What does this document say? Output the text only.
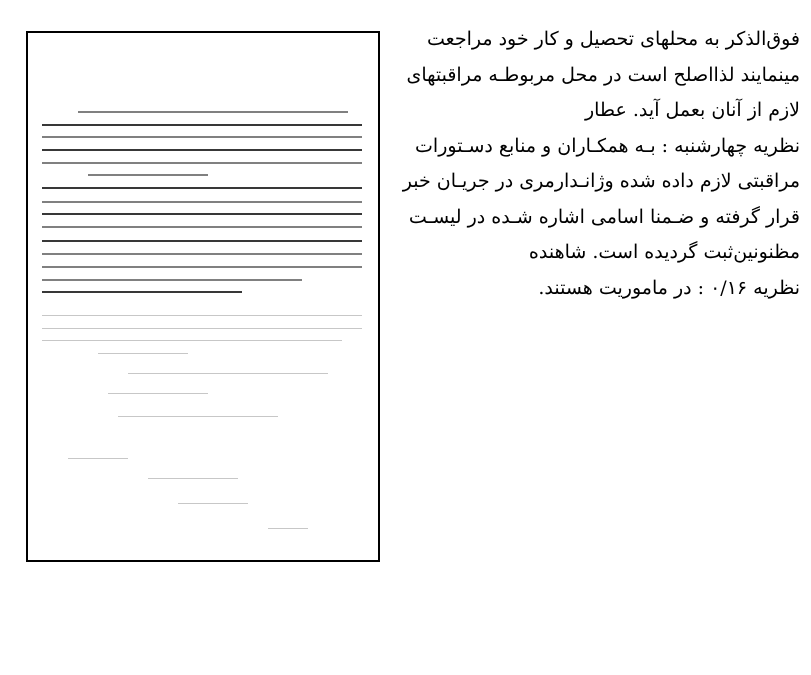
فوق‌الذکر به محلهای تحصیل و کار خود مراجعت
مینمایند لذااصلح است در محل مربوطـه مراقبتهای
لازم از آنان بعمل آید. عطار
نظریه چهارشنبه : بـه همکـاران و منابع دسـتورات
مراقبتی لازم داده شده وژانـدارمری در جریـان خبر
قرار گرفته و ضـمنا اسامی اشاره شـده در لیسـت
مظنونین‌ثبت گردیده است. شاهنده
نظریه ۰/۱۶ : در ماموریت هستند.
